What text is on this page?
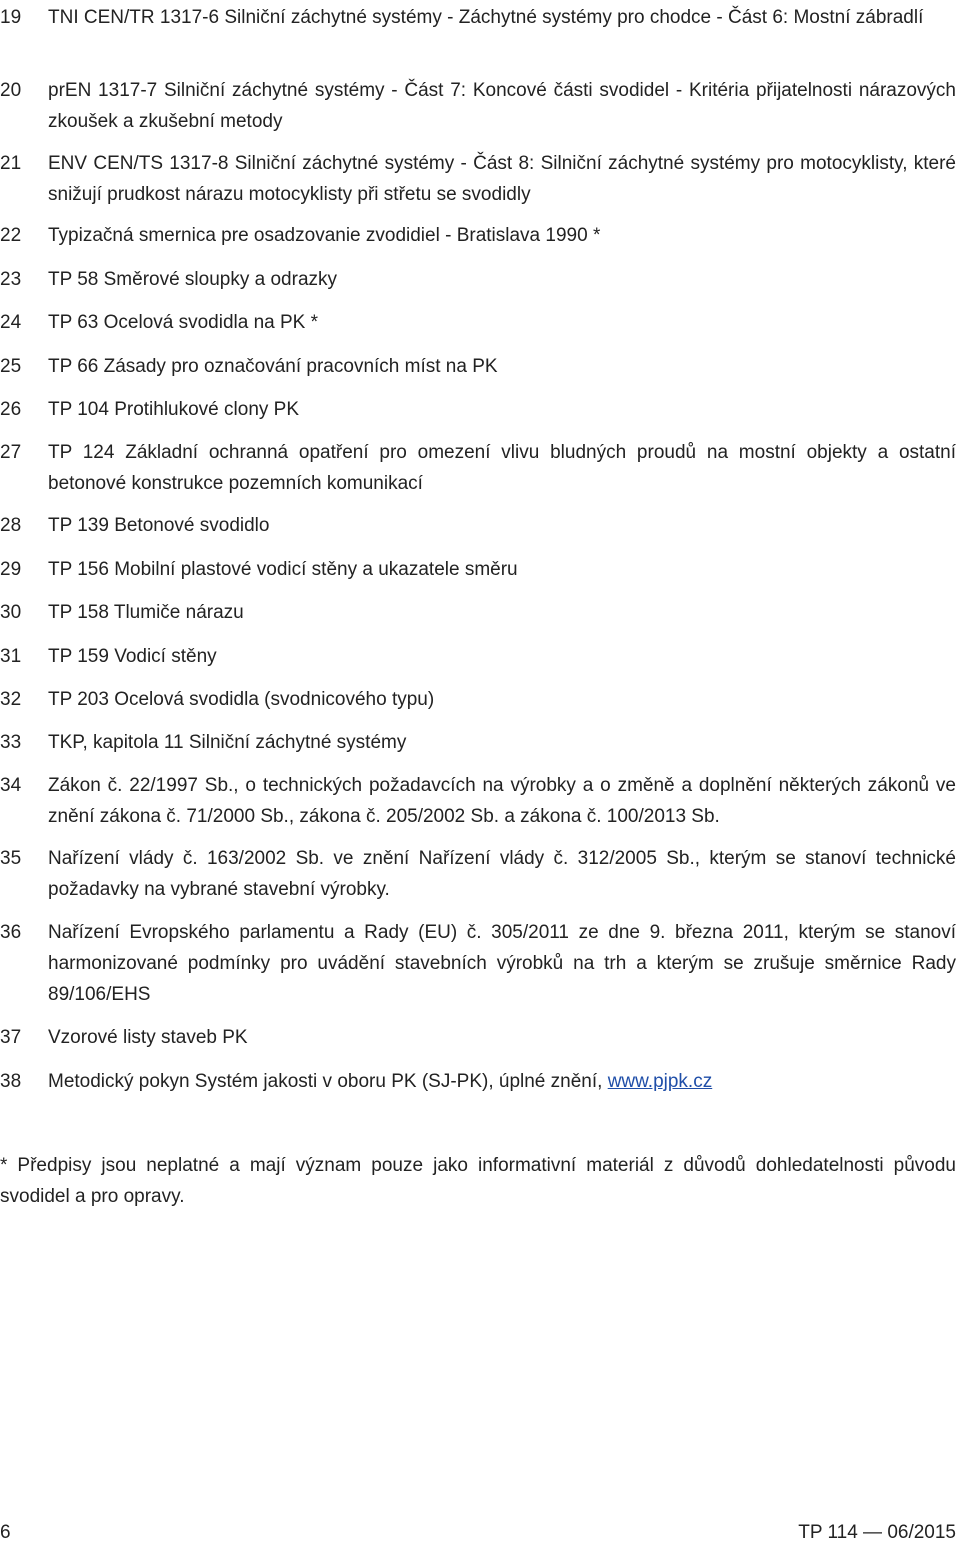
19	TNI CEN/TR 1317-6 Silniční záchytné systémy - Záchytné systémy pro chodce - Část 6: Mostní zábradlí

20	prEN 1317-7 Silniční záchytné systémy - Část 7: Koncové části svodidel - Kritéria přijatelnosti nárazových zkoušek a zkušební metody

21	ENV CEN/TS 1317-8 Silniční záchytné systémy - Část 8: Silniční záchytné systémy pro motocyklisty, které snižují prudkost nárazu motocyklisty při střetu se svodidly

22	Typizačná smernica pre osadzovanie zvodidiel - Bratislava 1990 *

23	TP 58 Směrové sloupky a odrazky

24	TP 63 Ocelová svodidla na PK *

25	TP 66 Zásady pro označování pracovních míst na PK

26	TP 104 Protihlukové clony PK

27	TP 124 Základní ochranná opatření pro omezení vlivu bludných proudů na mostní objekty a ostatní betonové konstrukce pozemních komunikací

28	TP 139 Betonové svodidlo

29	TP 156 Mobilní plastové vodicí stěny a ukazatele směru

30	TP 158 Tlumiče nárazu

31	TP 159 Vodicí stěny

32	TP 203 Ocelová svodidla (svodnicového typu)

33	TKP, kapitola 11 Silniční záchytné systémy

34	Zákon č. 22/1997 Sb., o technických požadavcích na výrobky a o změně a doplnění některých zákonů ve znění zákona č. 71/2000 Sb., zákona č. 205/2002 Sb. a zákona č. 100/2013 Sb.

35	Nařízení vlády č. 163/2002 Sb. ve znění Nařízení vlády č. 312/2005 Sb., kterým se stanoví technické požadavky na vybrané stavební výrobky.

36	Nařízení Evropského parlamentu a Rady (EU) č. 305/2011 ze dne 9. března 2011, kterým se stanoví harmonizované podmínky pro uvádění stavebních výrobků na trh a kterým se zrušuje směrnice Rady 89/106/EHS

37	Vzorové listy staveb PK

38	Metodický pokyn Systém jakosti v oboru PK (SJ-PK), úplné znění, www.pjpk.cz

* Předpisy jsou neplatné a mají význam pouze jako informativní materiál z důvodů dohledatelnosti původu svodidel a pro opravy.

6	TP 114 — 06/2015
